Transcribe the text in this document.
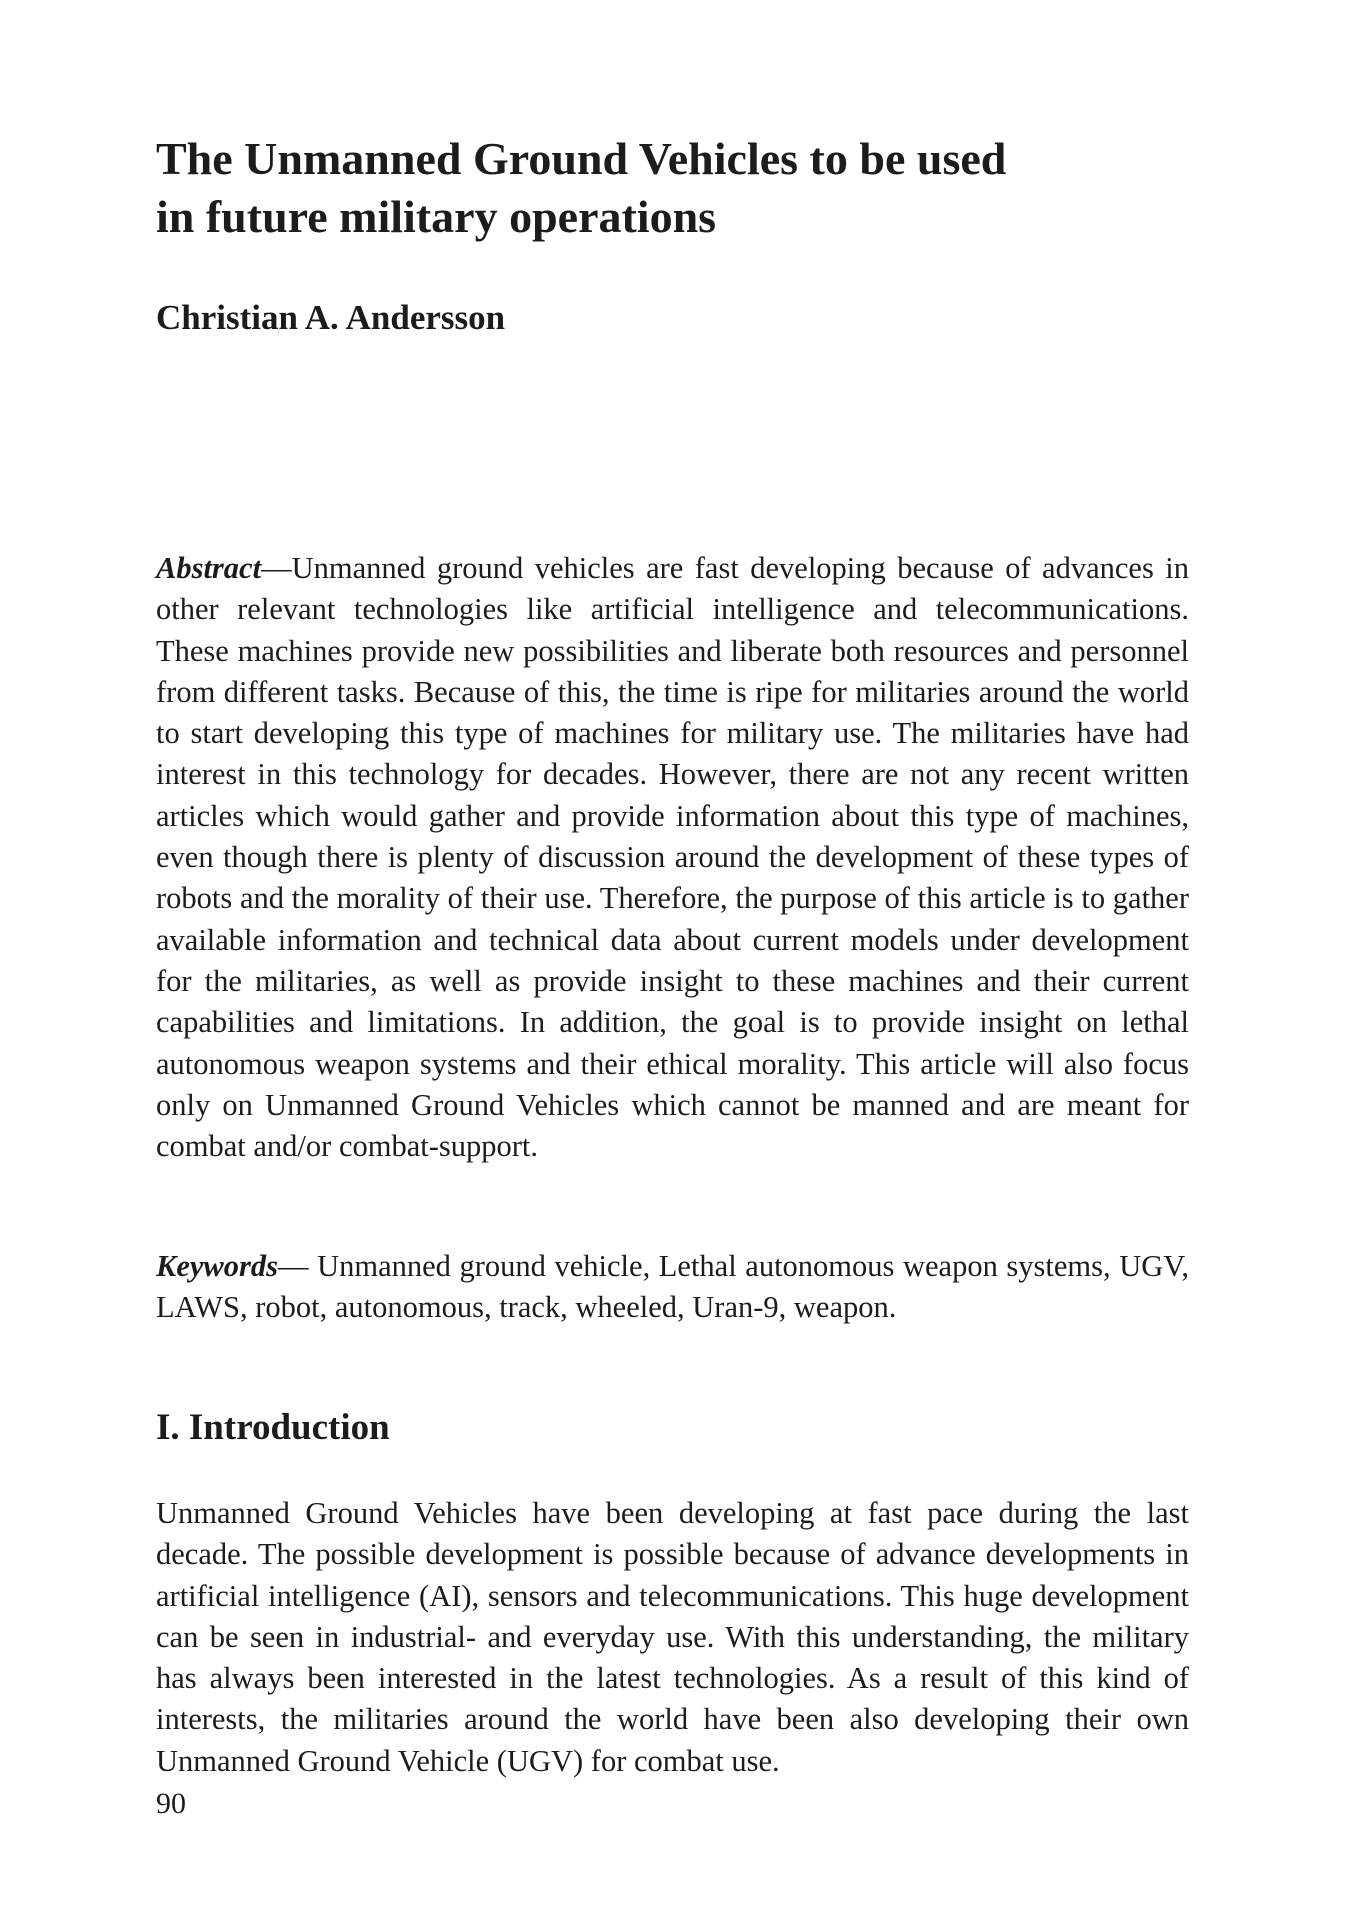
The Unmanned Ground Vehicles to be used
in future military operations

Christian A. Andersson

Abstract—Unmanned ground vehicles are fast developing because of advances in other relevant technologies like artificial intelligence and telecommunications. These machines provide new possibilities and liberate both resources and personnel from different tasks. Because of this, the time is ripe for militaries around the world to start developing this type of machines for military use. The militaries have had interest in this technology for decades. However, there are not any recent written articles which would gather and provide information about this type of machines, even though there is plenty of discussion around the development of these types of robots and the morality of their use. Therefore, the purpose of this article is to gather available information and technical data about current models under development for the militaries, as well as provide insight to these machines and their current capabilities and limitations. In addition, the goal is to provide insight on lethal autonomous weapon systems and their ethical morality. This article will also focus only on Unmanned Ground Vehicles which cannot be manned and are meant for combat and/or combat-support.

Keywords— Unmanned ground vehicle, Lethal autonomous weapon systems, UGV, LAWS, robot, autonomous, track, wheeled, Uran-9, weapon.

I. Introduction

Unmanned Ground Vehicles have been developing at fast pace during the last decade. The possible development is possible because of advance developments in artificial intelligence (AI), sensors and telecommunications. This huge development can be seen in industrial- and everyday use. With this understanding, the military has always been interested in the latest technologies. As a result of this kind of interests, the militaries around the world have been also developing their own Unmanned Ground Vehicle (UGV) for combat use.

90
